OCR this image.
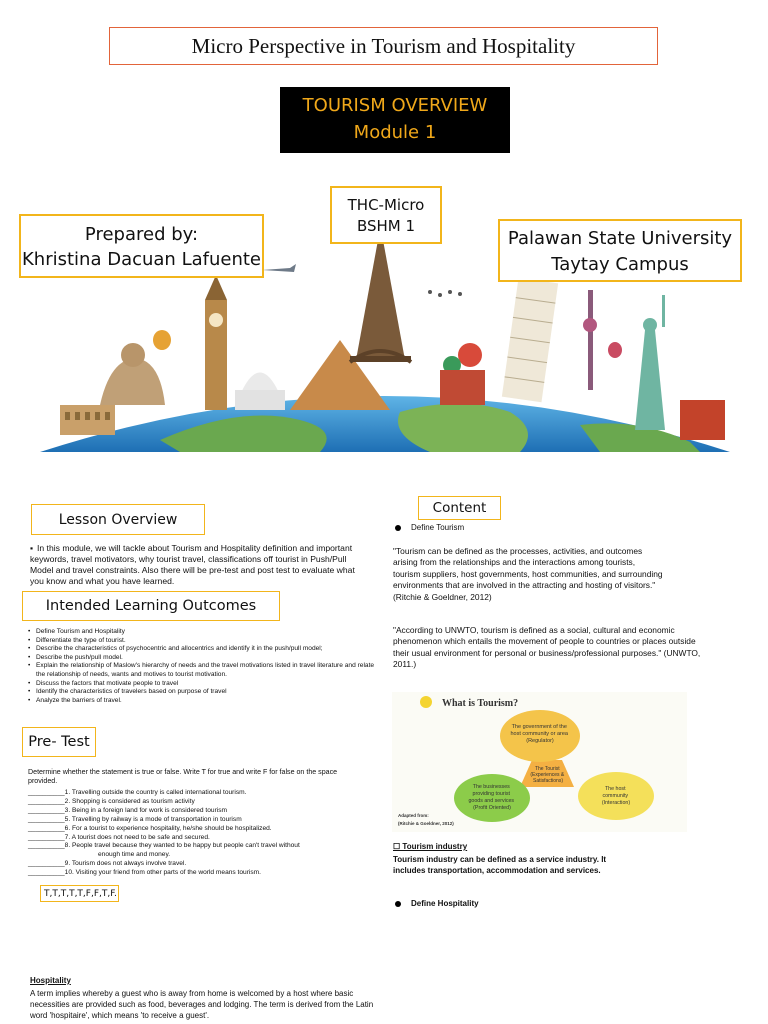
Micro Perspective in Tourism and Hospitality
TOURISM OVERVIEW
Module 1
THC-Micro
BSHM 1
Prepared by:
Khristina Dacuan Lafuente
Palawan State University
Taytay Campus
Lesson Overview
▪ In this module, we will tackle about Tourism and Hospitality definition and important keywords, travel motivators, why tourist travel, classifications off tourist in Push/Pull Model and travel constraints. Also there will be pre-test and post test to evaluate what you know and what you have learned.
Intended Learning Outcomes
• Define Tourism and Hospitality
• Differentiate the type of tourist.
• Describe the characteristics of psychocentric and allocentrics and identify it in the push/pull model;
• Describe the push/pull model.
• Explain the relationship of Maslow's hierarchy of needs and the travel motivations listed in travel literature and relate the relationship of needs, wants and motives to tourist motivation.
• Discuss the factors that motivate people to travel
• Identify the characteristics of travelers based on purpose of travel
• Analyze the barriers of travel.
Pre- Test
Determine whether the statement is true or false. Write T for true and write F for false on the space provided.
__________1. Travelling outside the country is called international tourism.
__________2. Shopping is considered as tourism activity
__________3. Being in a foreign land for work is considered tourism
__________5. Travelling by railway is a mode of transportation in tourism
__________6. For a tourist to experience hospitality, he/she should be hospitalized.
__________7. A tourist does not need to be safe and secured.
__________8. People travel because they wanted to be happy but people can't travel without
enough time and money.
__________9. Tourism does not always involve travel.
__________10. Visiting your friend from other parts of the world means tourism.
T,T,T,T,T,F,F,T,F.
Hospitality
A term implies whereby a guest who is away from home is welcomed by a host where basic necessities are provided such as food, beverages and lodging. The term is derived from the Latin word 'hospitaire', which means 'to receive a guest'.
Content
Define Tourism
"Tourism can be defined as the processes, activities, and outcomes arising from the relationships and the interactions among tourists, tourism suppliers, host governments, host communities, and surrounding environments that are involved in the attracting and hosting of visitors." (Ritchie & Goeldner, 2012)
"According to UNWTO, tourism is defined as a social, cultural and economic phenomenon which entails the movement of people to countries or places outside their usual environment for personal or business/professional purposes." (UNWTO, 2011.)
What is Tourism?
The government of the host community or area (Regulator)
The Tourist (Experiences & Satisfactions)
The businesses providing tourist goods and services (Profit Oriented)
The host community (Interaction)
Adapted from: (Ritchie & Goeldner, 2012)
☐ Tourism industry
Tourism industry can be defined as a service industry. It includes transportation, accommodation and services.
Define Hospitality
